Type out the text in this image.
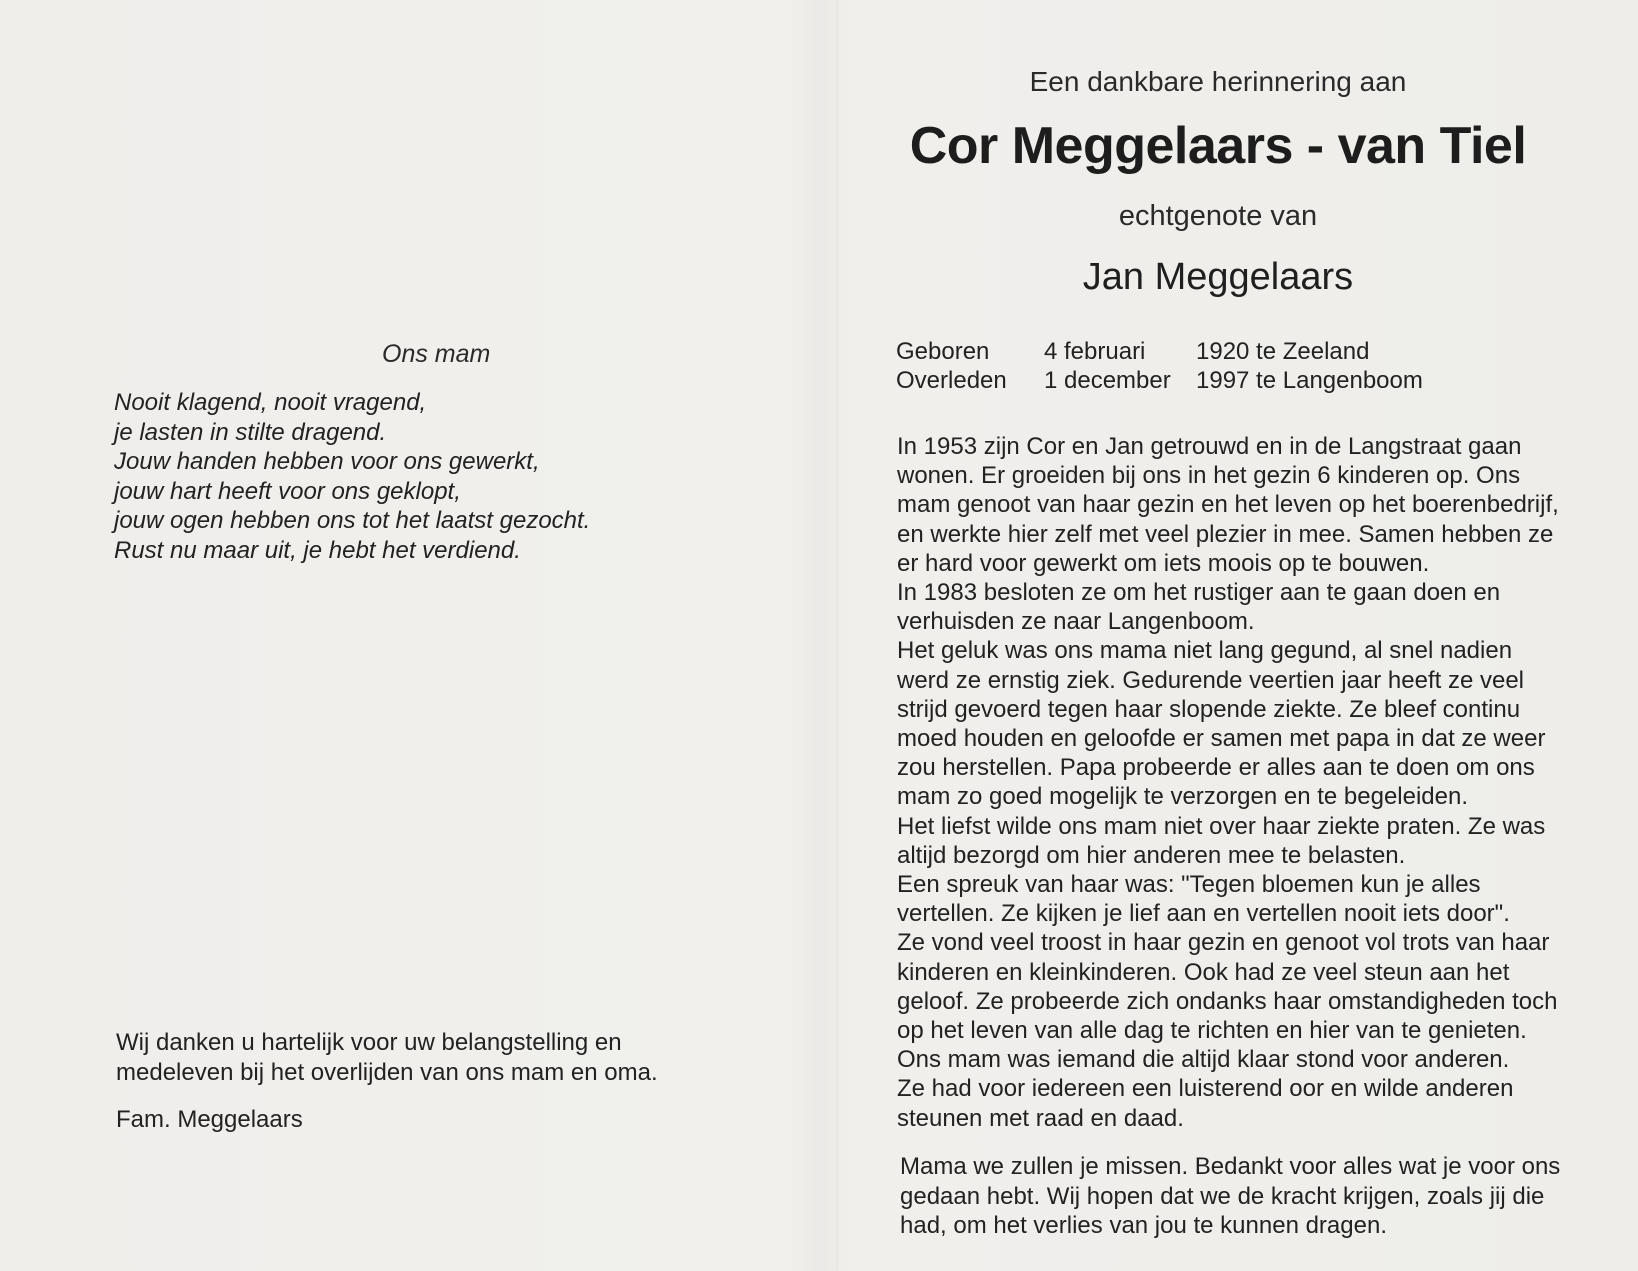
Ons mam
Nooit klagend, nooit vragend,
je lasten in stilte dragend.
Jouw handen hebben voor ons gewerkt,
jouw hart heeft voor ons geklopt,
jouw ogen hebben ons tot het laatst gezocht.
Rust nu maar uit, je hebt het verdiend.
Wij danken u hartelijk voor uw belangstelling en
medeleven bij het overlijden van ons mam en oma.
Fam. Meggelaars
Een dankbare herinnering aan
Cor Meggelaars - van Tiel
echtgenote van
Jan Meggelaars
Geboren 4 februari 1920 te Zeeland
Overleden 1 december 1997 te Langenboom
In 1953 zijn Cor en Jan getrouwd en in de Langstraat gaan
wonen. Er groeiden bij ons in het gezin 6 kinderen op. Ons
mam genoot van haar gezin en het leven op het boerenbedrijf,
en werkte hier zelf met veel plezier in mee. Samen hebben ze
er hard voor gewerkt om iets moois op te bouwen.
In 1983 besloten ze om het rustiger aan te gaan doen en
verhuisden ze naar Langenboom.
Het geluk was ons mama niet lang gegund, al snel nadien
werd ze ernstig ziek. Gedurende veertien jaar heeft ze veel
strijd gevoerd tegen haar slopende ziekte. Ze bleef continu
moed houden en geloofde er samen met papa in dat ze weer
zou herstellen. Papa probeerde er alles aan te doen om ons
mam zo goed mogelijk te verzorgen en te begeleiden.
Het liefst wilde ons mam niet over haar ziekte praten. Ze was
altijd bezorgd om hier anderen mee te belasten.
Een spreuk van haar was: "Tegen bloemen kun je alles
vertellen. Ze kijken je lief aan en vertellen nooit iets door".
Ze vond veel troost in haar gezin en genoot vol trots van haar
kinderen en kleinkinderen. Ook had ze veel steun aan het
geloof. Ze probeerde zich ondanks haar omstandigheden toch
op het leven van alle dag te richten en hier van te genieten.
Ons mam was iemand die altijd klaar stond voor anderen.
Ze had voor iedereen een luisterend oor en wilde anderen
steunen met raad en daad.
Mama we zullen je missen. Bedankt voor alles wat je voor ons
gedaan hebt. Wij hopen dat we de kracht krijgen, zoals jij die
had, om het verlies van jou te kunnen dragen.
